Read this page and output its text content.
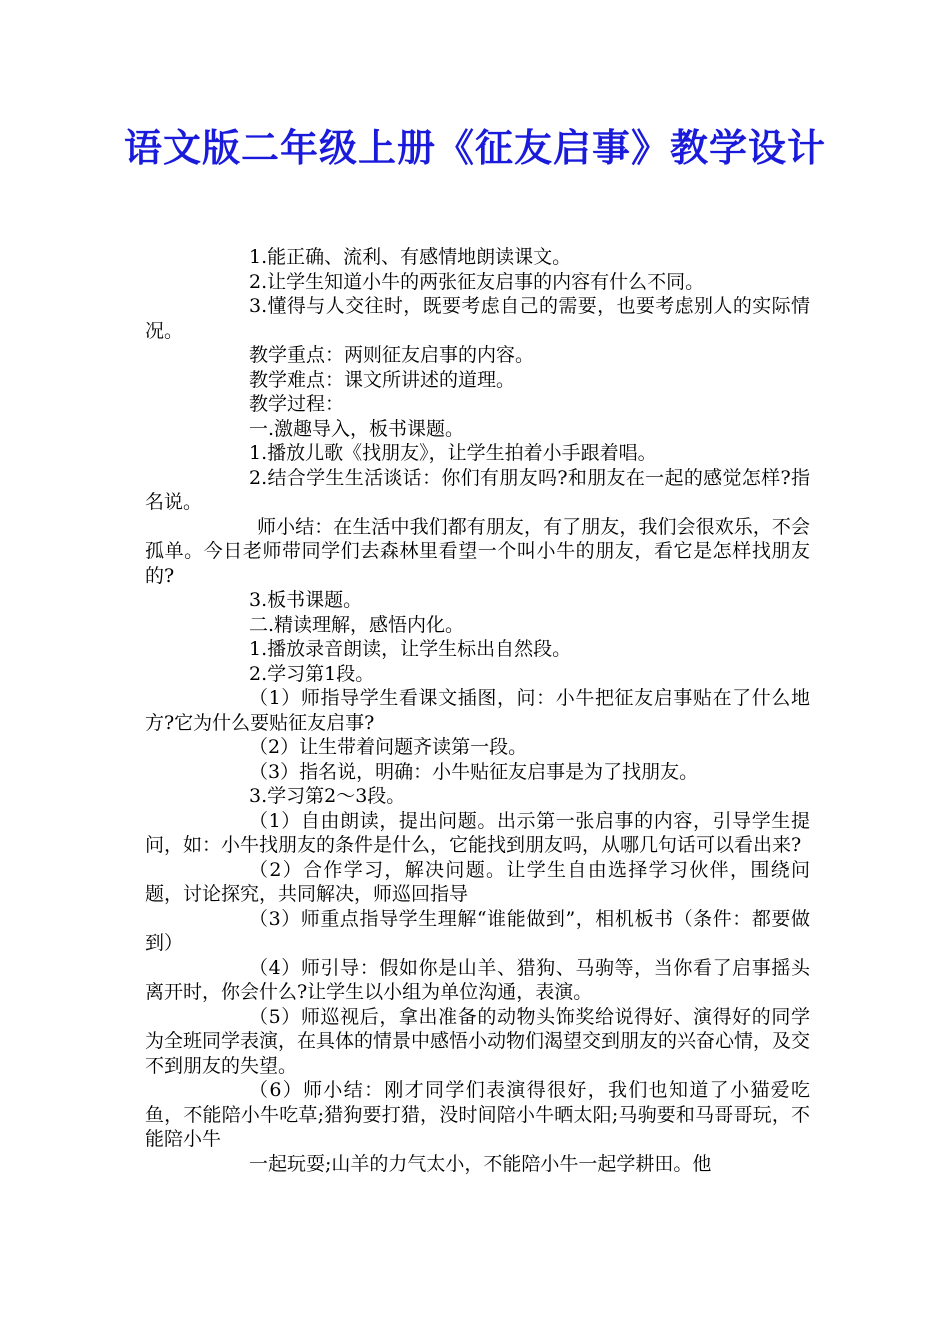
语文版二年级上册《征友启事》教学设计

1.能正确、流利、有感情地朗读课文。

2.让学生知道小牛的两张征友启事的内容有什么不同。

3.懂得与人交往时，既要考虑自己的需要，也要考虑别人的实际情况。

教学重点：两则征友启事的内容。

教学难点：课文所讲述的道理。

教学过程：

一.激趣导入，板书课题。

1.播放儿歌《找朋友》，让学生拍着小手跟着唱。

2.结合学生生活谈话：你们有朋友吗?和朋友在一起的感觉怎样?指名说。

师小结：在生活中我们都有朋友，有了朋友，我们会很欢乐，不会孤单。今日老师带同学们去森林里看望一个叫小牛的朋友，看它是怎样找朋友的?

3.板书课题。

二.精读理解，感悟内化。

1.播放录音朗读，让学生标出自然段。

2.学习第1段。

（1）师指导学生看课文插图，问：小牛把征友启事贴在了什么地方?它为什么要贴征友启事?

（2）让生带着问题齐读第一段。

（3）指名说，明确：小牛贴征友启事是为了找朋友。

3.学习第2〜3段。

（1）自由朗读，提出问题。出示第一张启事的内容，引导学生提问，如：小牛找朋友的条件是什么，它能找到朋友吗，从哪几句话可以看出来?

（2）合作学习，解决问题。让学生自由选择学习伙伴，围绕问题，讨论探究，共同解决，师巡回指导

（3）师重点指导学生理解“谁能做到”，相机板书（条件：都要做到）

（4）师引导：假如你是山羊、猎狗、马驹等，当你看了启事摇头离开时，你会什么?让学生以小组为单位沟通，表演。

（5）师巡视后，拿出准备的动物头饰奖给说得好、演得好的同学为全班同学表演，在具体的情景中感悟小动物们渴望交到朋友的兴奋心情，及交不到朋友的失望。

（6）师小结：刚才同学们表演得很好，我们也知道了小猫爱吃鱼，不能陪小牛吃草;猎狗要打猎，没时间陪小牛晒太阳;马驹要和马哥哥玩，不能陪小牛

一起玩耍;山羊的力气太小，不能陪小牛一起学耕田。他
